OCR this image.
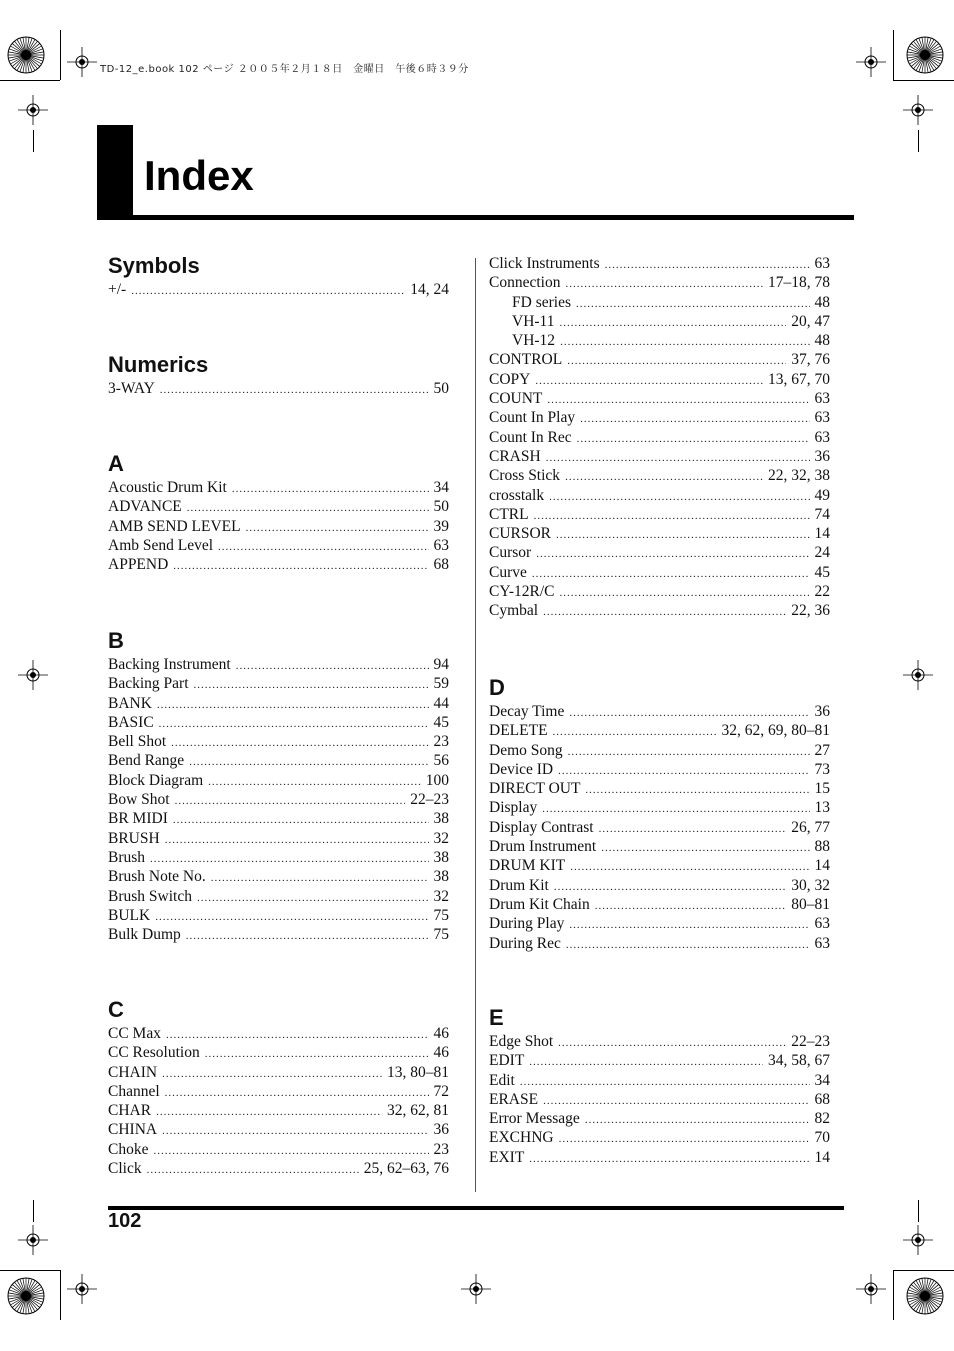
TD-12_e.book 102 ページ ２００５年２月１８日　金曜日　午後６時３９分
Index
Symbols
+/- .....	14, 24
Numerics
3-WAY .....	50
A
Acoustic Drum Kit .....	34
ADVANCE .....	50
AMB SEND LEVEL .....	39
Amb Send Level .....	63
APPEND .....	68
B
Backing Instrument .....	94
Backing Part .....	59
BANK .....	44
BASIC .....	45
Bell Shot .....	23
Bend Range .....	56
Block Diagram .....	100
Bow Shot .....	22–23
BR MIDI .....	38
BRUSH .....	32
Brush .....	38
Brush Note No. .....	38
Brush Switch .....	32
BULK .....	75
Bulk Dump .....	75
C
CC Max .....	46
CC Resolution .....	46
CHAIN .....	13, 80–81
Channel .....	72
CHAR .....	32, 62, 81
CHINA .....	36
Choke .....	23
Click .....	25, 62–63, 76
Click Instruments .....	63
Connection .....	17–18, 78
FD series .....	48
VH-11 .....	20, 47
VH-12 .....	48
CONTROL .....	37, 76
COPY .....	13, 67, 70
COUNT .....	63
Count In Play .....	63
Count In Rec .....	63
CRASH .....	36
Cross Stick .....	22, 32, 38
crosstalk .....	49
CTRL .....	74
CURSOR .....	14
Cursor .....	24
Curve .....	45
CY-12R/C .....	22
Cymbal .....	22, 36
D
Decay Time .....	36
DELETE .....	32, 62, 69, 80–81
Demo Song .....	27
Device ID .....	73
DIRECT OUT .....	15
Display .....	13
Display Contrast .....	26, 77
Drum Instrument .....	88
DRUM KIT .....	14
Drum Kit .....	30, 32
Drum Kit Chain .....	80–81
During Play .....	63
During Rec .....	63
E
Edge Shot .....	22–23
EDIT .....	34, 58, 67
Edit .....	34
ERASE .....	68
Error Message .....	82
EXCHNG .....	70
EXIT .....	14
102
